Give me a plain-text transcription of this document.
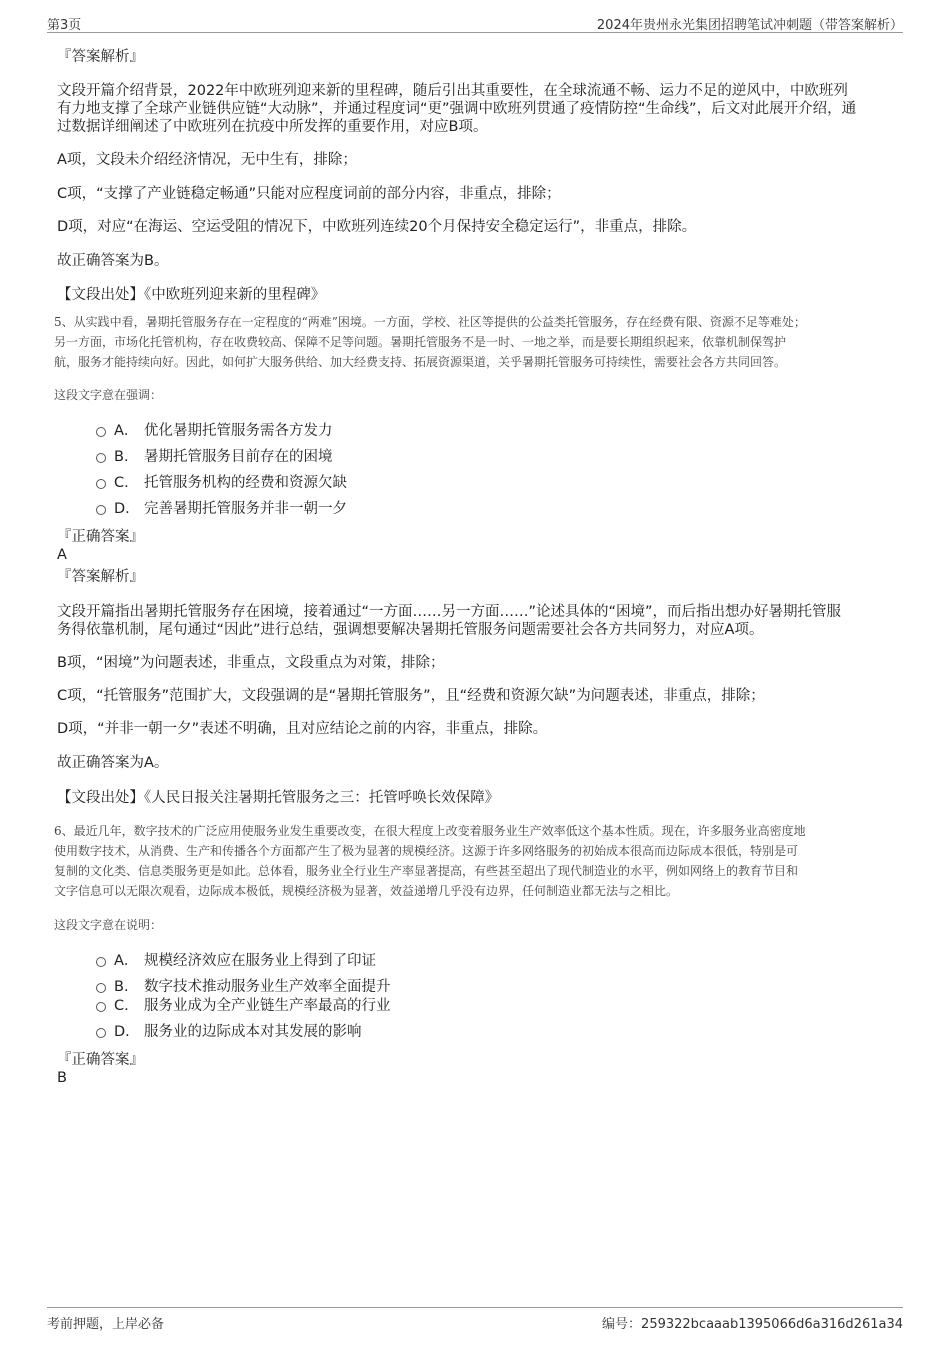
第3页	2024年贵州永光集团招聘笔试冲刺题（带答案解析）
『答案解析』
文段开篇介绍背景，2022年中欧班列迎来新的里程碑，随后引出其重要性，在全球流通不畅、运力不足的逆风中，中欧班列
有力地支撑了全球产业链供应链“大动脉”，并通过程度词“更”强调中欧班列贯通了疫情防控“生命线”，后文对此展开介绍，通
过数据详细阐述了中欧班列在抗疫中所发挥的重要作用，对应B项。
A项，文段未介绍经济情况，无中生有，排除；
C项，“支撑了产业链稳定畅通”只能对应程度词前的部分内容，非重点，排除；
D项，对应“在海运、空运受阻的情况下，中欧班列连续20个月保持安全稳定运行”，非重点，排除。
故正确答案为B。
【文段出处】《中欧班列迎来新的里程碑》
5、从实践中看，暑期托管服务存在一定程度的“两难”困境。一方面，学校、社区等提供的公益类托管服务，存在经费有限、资源不足等难处；
另一方面，市场化托管机构，存在收费较高、保障不足等问题。暑期托管服务不是一时、一地之举，而是要长期组织起来，依靠机制保驾护
航，服务才能持续向好。因此，如何扩大服务供给、加大经费支持、拓展资源渠道，关乎暑期托管服务可持续性，需要社会各方共同回答。
这段文字意在强调：
A． 优化暑期托管服务需各方发力
B. 暑期托管服务目前存在的困境
C. 托管服务机构的经费和资源欠缺
D. 完善暑期托管服务并非一朝一夕
『正确答案』
A
『答案解析』
文段开篇指出暑期托管服务存在困境，接着通过“一方面……另一方面……”论述具体的“困境”，而后指出想办好暑期托管服
务得依靠机制，尾句通过“因此”进行总结，强调想要解决暑期托管服务问题需要社会各方共同努力，对应A项。
B项，“困境”为问题表述，非重点，文段重点为对策，排除；
C项，“托管服务”范围扩大，文段强调的是“暑期托管服务”，且“经费和资源欠缺”为问题表述，非重点，排除；
D项，“并非一朝一夕”表述不明确，且对应结论之前的内容，非重点，排除。
故正确答案为A。
【文段出处】《人民日报关注暑期托管服务之三：托管呼唤长效保障》
6、最近几年，数字技术的广泛应用使服务业发生重要改变，在很大程度上改变着服务业生产效率低这个基本性质。现在，许多服务业高密度地
使用数字技术，从消费、生产和传播各个方面都产生了极为显著的规模经济。这源于许多网络服务的初始成本很高而边际成本很低，特别是可
复制的文化类、信息类服务更是如此。总体看，服务业全行业生产率显著提高，有些甚至超出了现代制造业的水平，例如网络上的教育节目和
文字信息可以无限次观看，边际成本极低，规模经济极为显著，效益递增几乎没有边界，任何制造业都无法与之相比。
这段文字意在说明：
A． 规模经济效应在服务业上得到了印证
B. 数字技术推动服务业生产效率全面提升
C. 服务业成为全产业链生产率最高的行业
D. 服务业的边际成本对其发展的影响
『正确答案』
B
考前押题，上岸必备	编号：259322bcaaab1395066d6a316d261a34
